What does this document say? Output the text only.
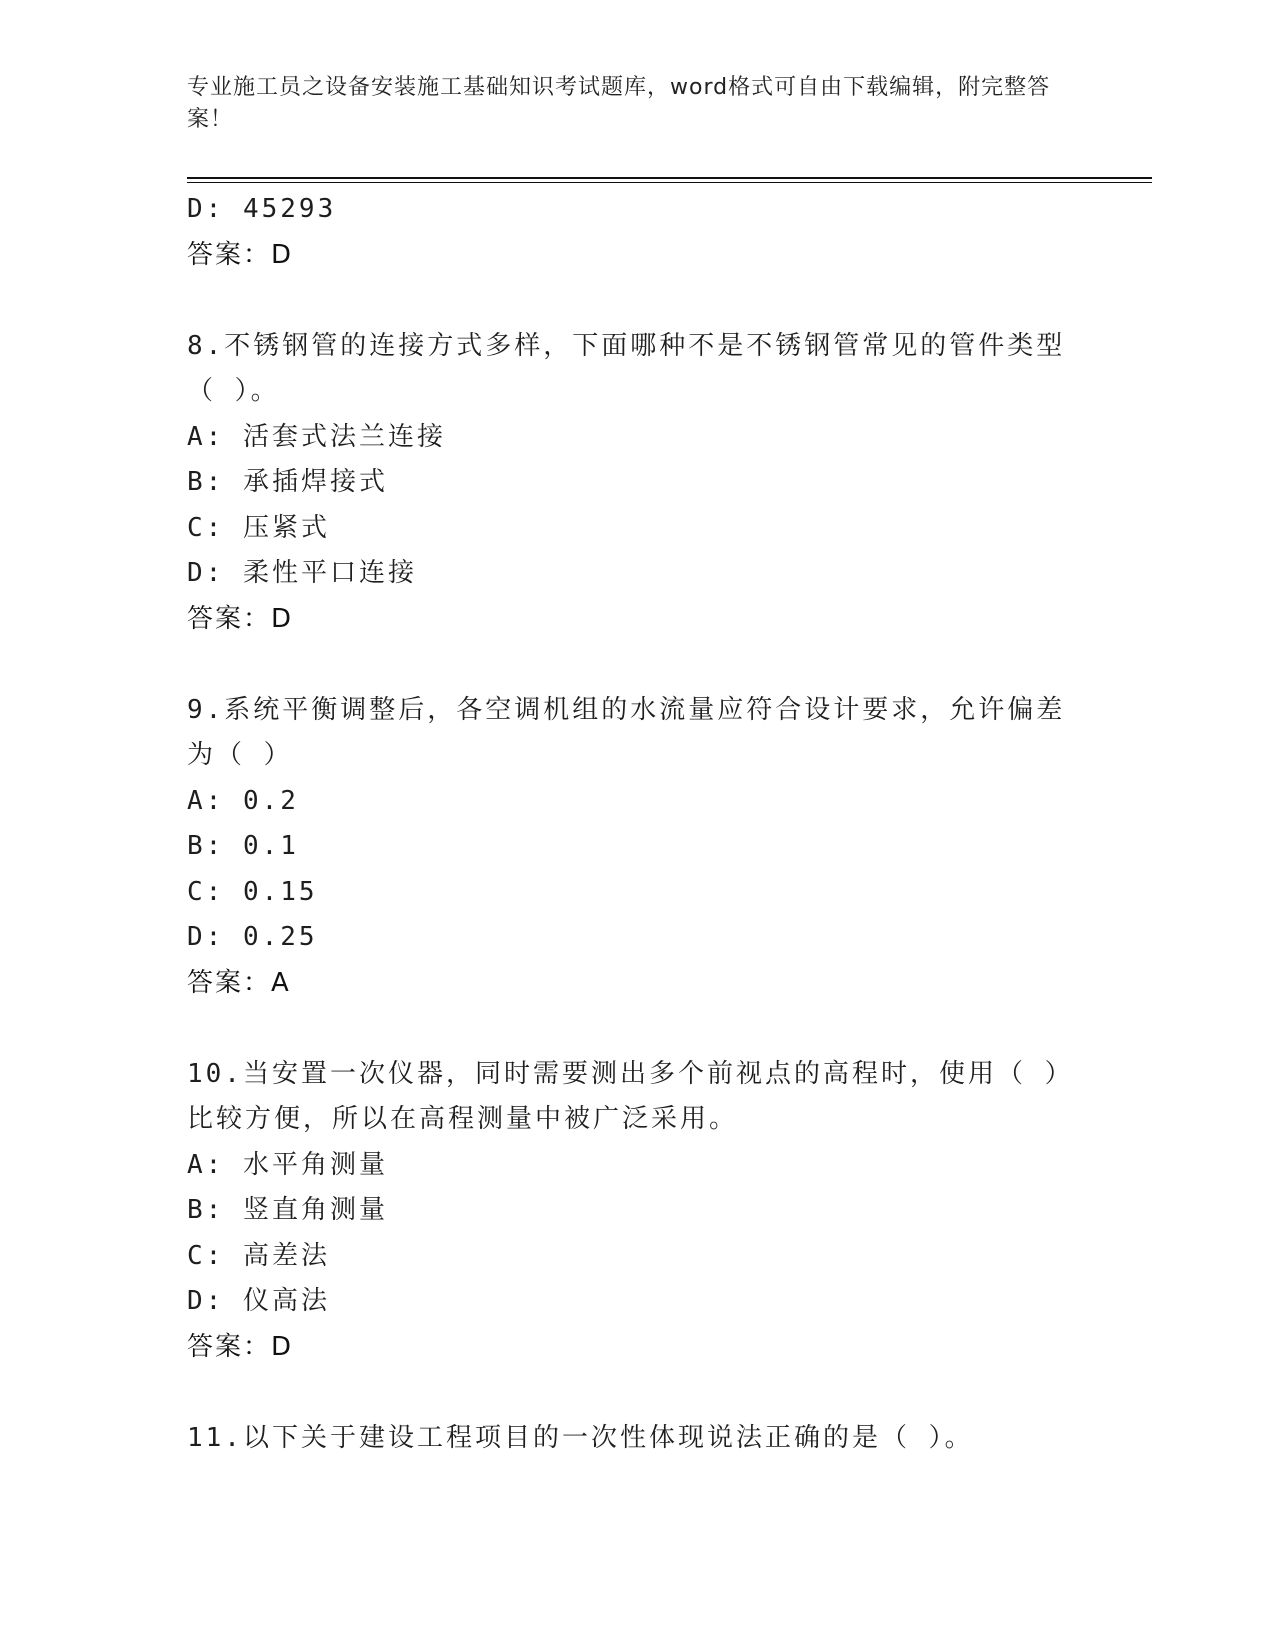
专业施工员之设备安装施工基础知识考试题库，word格式可自由下载编辑，附完整答案！
D: 45293
答案：D
8.不锈钢管的连接方式多样，下面哪种不是不锈钢管常见的管件类型（ ）。
A: 活套式法兰连接
B: 承插焊接式
C: 压紧式
D: 柔性平口连接
答案：D
9.系统平衡调整后，各空调机组的水流量应符合设计要求，允许偏差为（ ）
A: 0.2
B: 0.1
C: 0.15
D: 0.25
答案：A
10.当安置一次仪器，同时需要测出多个前视点的高程时，使用（ ）比较方便，所以在高程测量中被广泛采用。
A: 水平角测量
B: 竖直角测量
C: 高差法
D: 仪高法
答案：D
11.以下关于建设工程项目的一次性体现说法正确的是（ ）。
